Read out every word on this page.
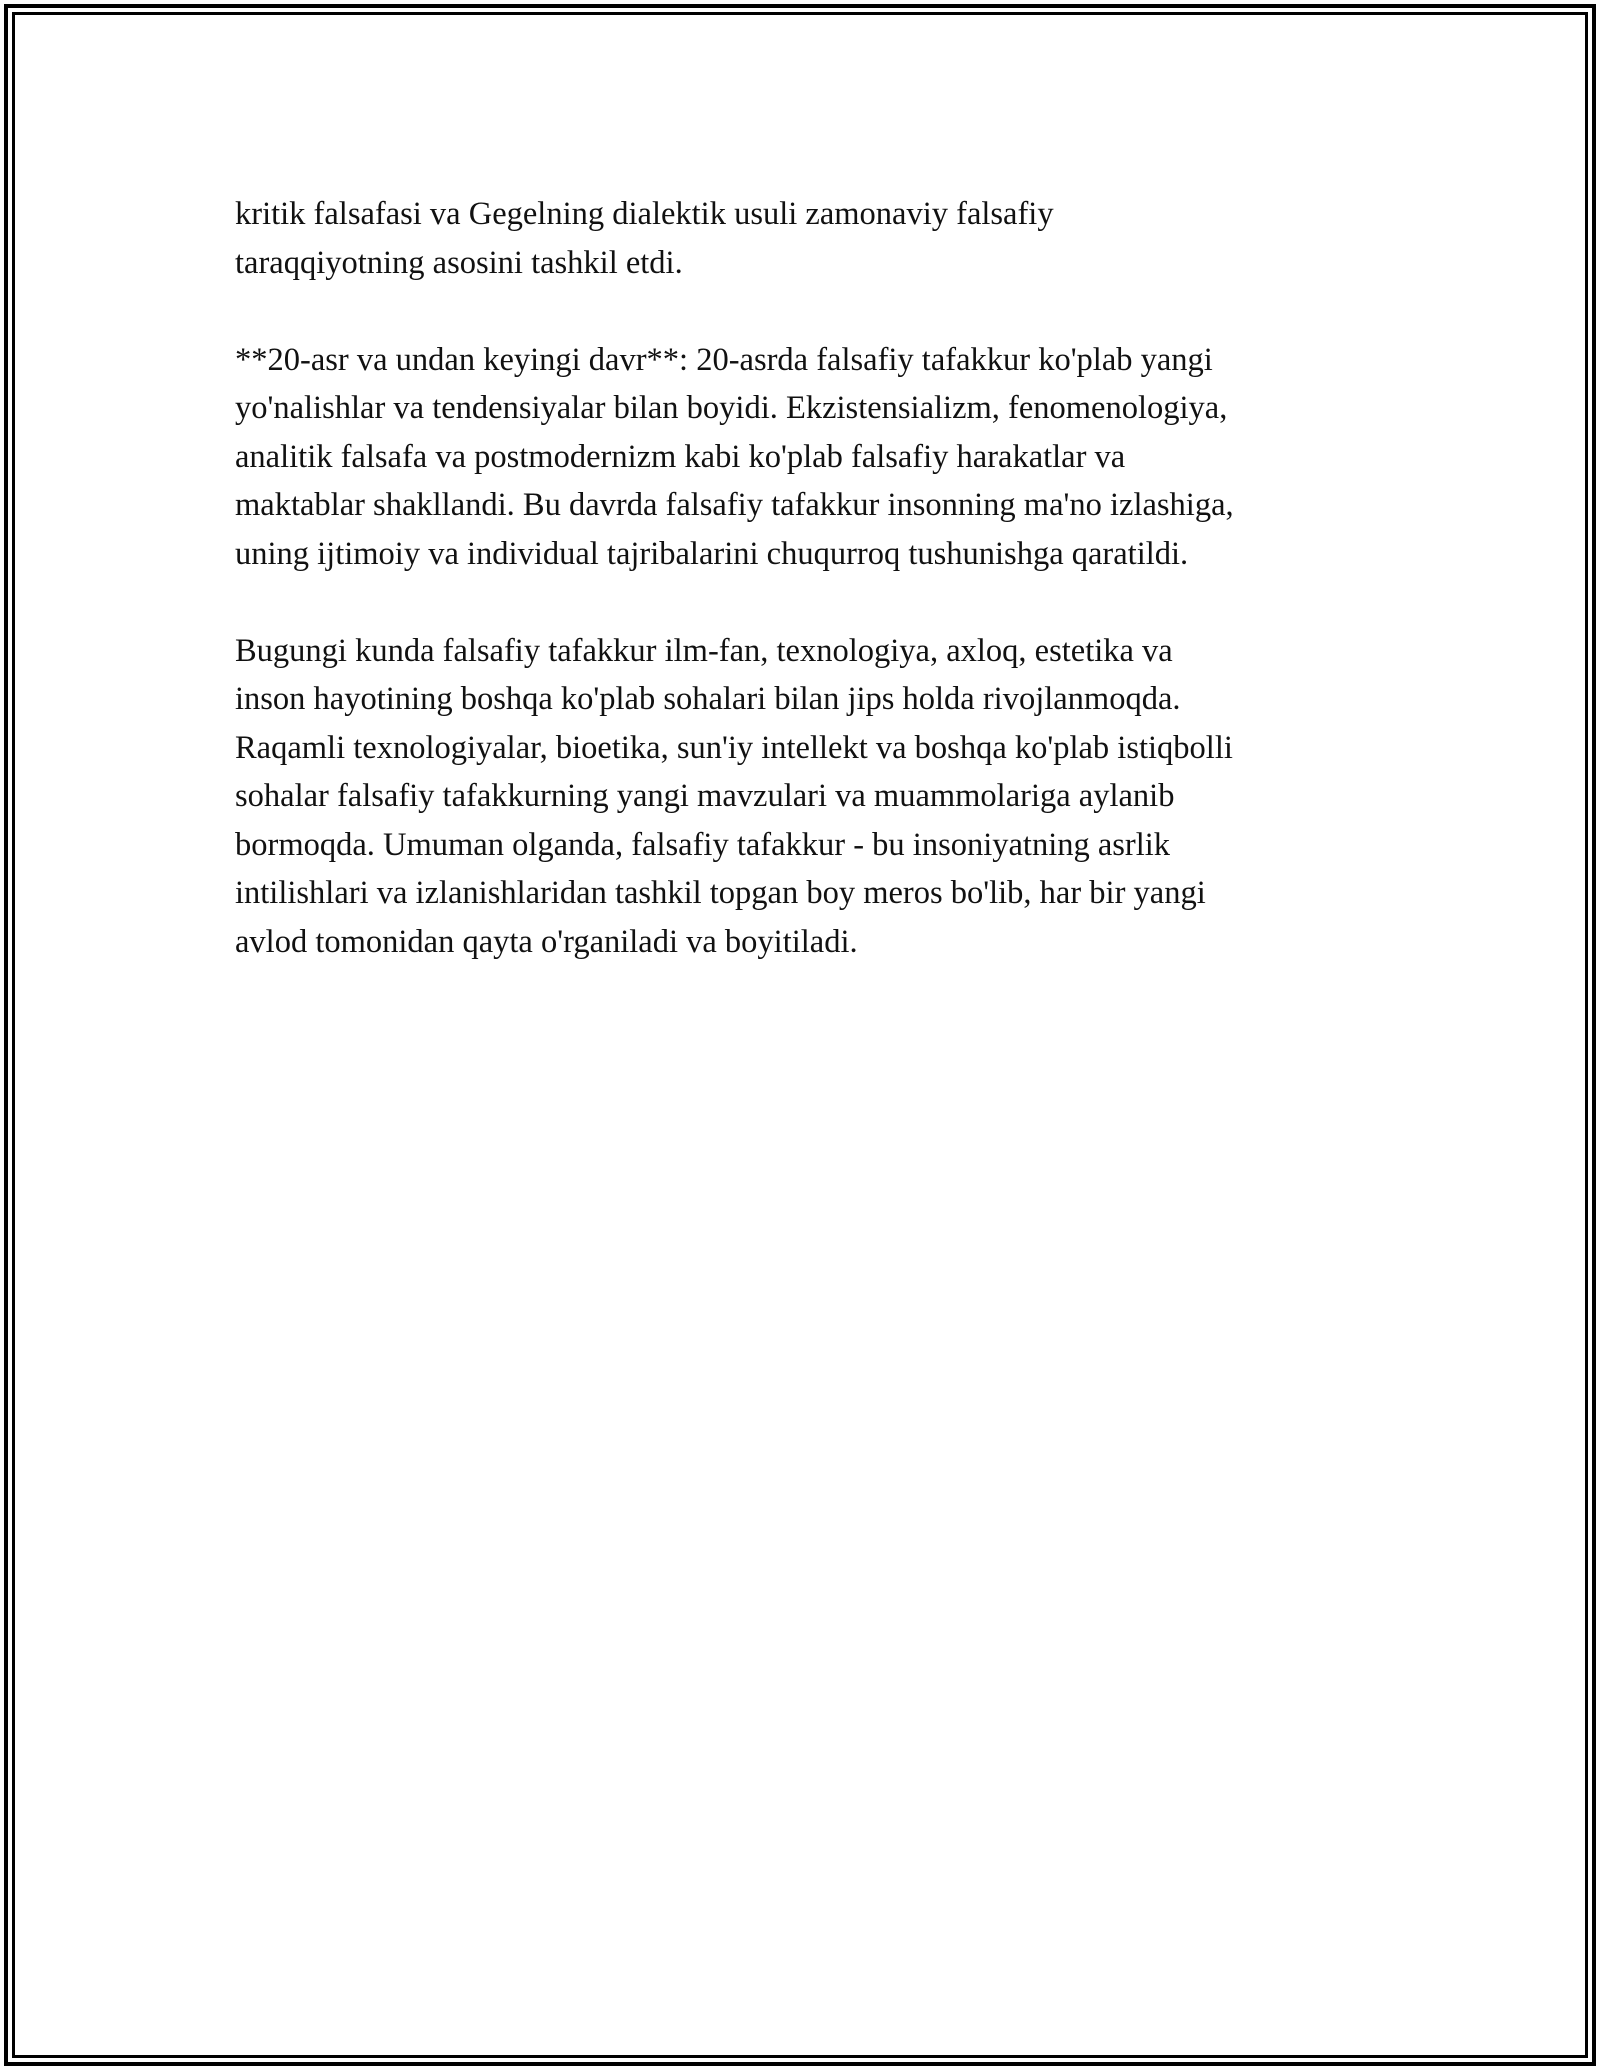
kritik falsafasi va Gegelning dialektik usuli zamonaviy falsafiy
taraqqiyotning asosini tashkil etdi.

**20-asr va undan keyingi davr**: 20-asrda falsafiy tafakkur ko'plab yangi
yo'nalishlar va tendensiyalar bilan boyidi. Ekzistensializm, fenomenologiya,
analitik falsafa va postmodernizm kabi ko'plab falsafiy harakatlar va
maktablar shakllandi. Bu davrda falsafiy tafakkur insonning ma'no izlashiga,
uning ijtimoiy va individual tajribalarini chuqurroq tushunishga qaratildi.

Bugungi kunda falsafiy tafakkur ilm-fan, texnologiya, axloq, estetika va
inson hayotining boshqa ko'plab sohalari bilan jips holda rivojlanmoqda.
Raqamli texnologiyalar, bioetika, sun'iy intellekt va boshqa ko'plab istiqbolli
sohalar falsafiy tafakkurning yangi mavzulari va muammolariga aylanib
bormoqda. Umuman olganda, falsafiy tafakkur - bu insoniyatning asrlik
intilishlari va izlanishlaridan tashkil topgan boy meros bo'lib, har bir yangi
avlod tomonidan qayta o'rganiladi va boyitiladi.
